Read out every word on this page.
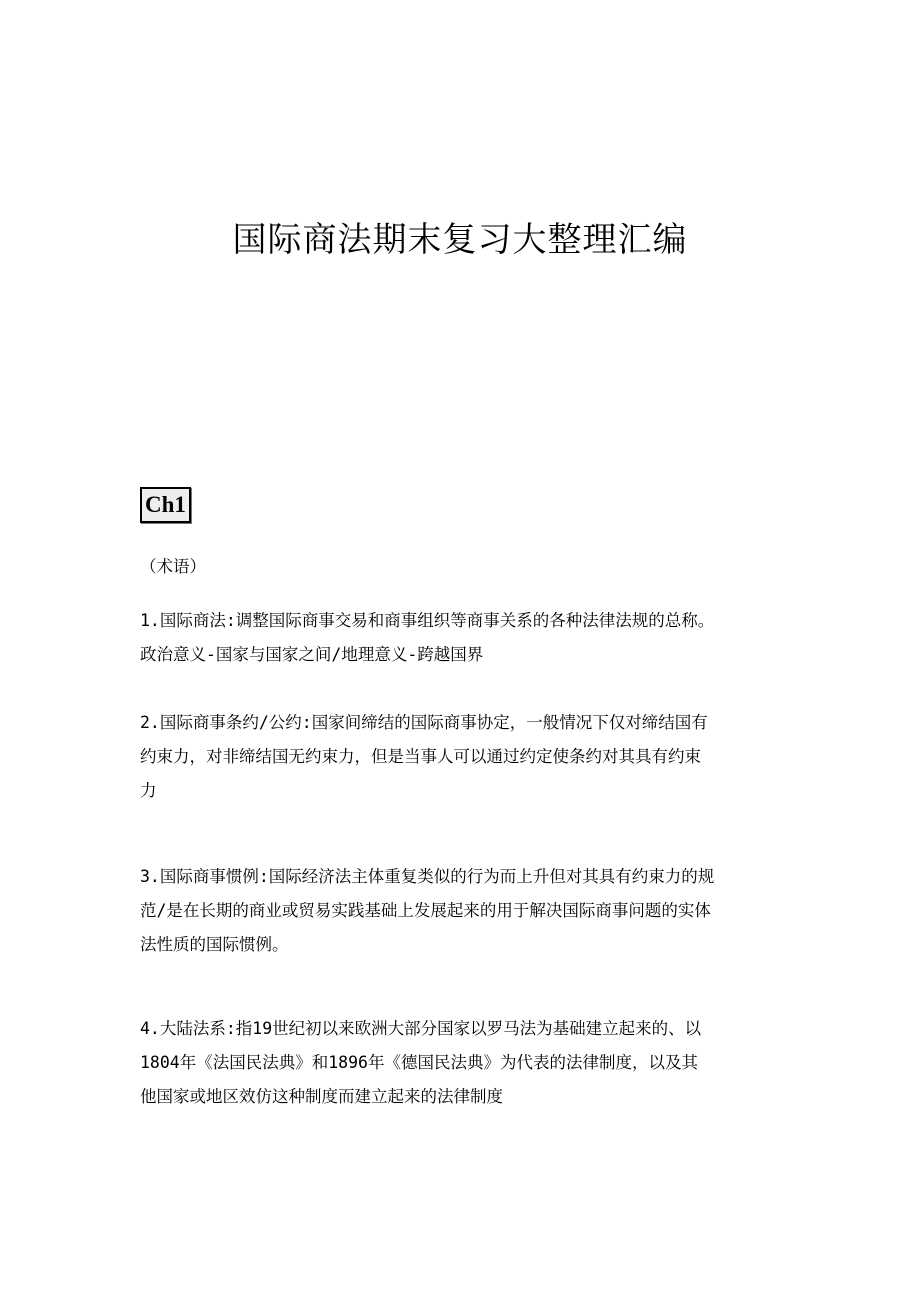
国际商法期末复习大整理汇编
Ch1

（术语）

1.国际商法:调整国际商事交易和商事组织等商事关系的各种法律法规的总称。
政治意义-国家与国家之间/地理意义-跨越国界

2.国际商事条约/公约:国家间缔结的国际商事协定，一般情况下仅对缔结国有
约束力，对非缔结国无约束力，但是当事人可以通过约定使条约对其具有约束
力

3.国际商事惯例:国际经济法主体重复类似的行为而上升但对其具有约束力的规
范/是在长期的商业或贸易实践基础上发展起来的用于解决国际商事问题的实体
法性质的国际惯例。

4.大陆法系:指19世纪初以来欧洲大部分国家以罗马法为基础建立起来的、以
1804年《法国民法典》和1896年《德国民法典》为代表的法律制度，以及其
他国家或地区效仿这种制度而建立起来的法律制度
